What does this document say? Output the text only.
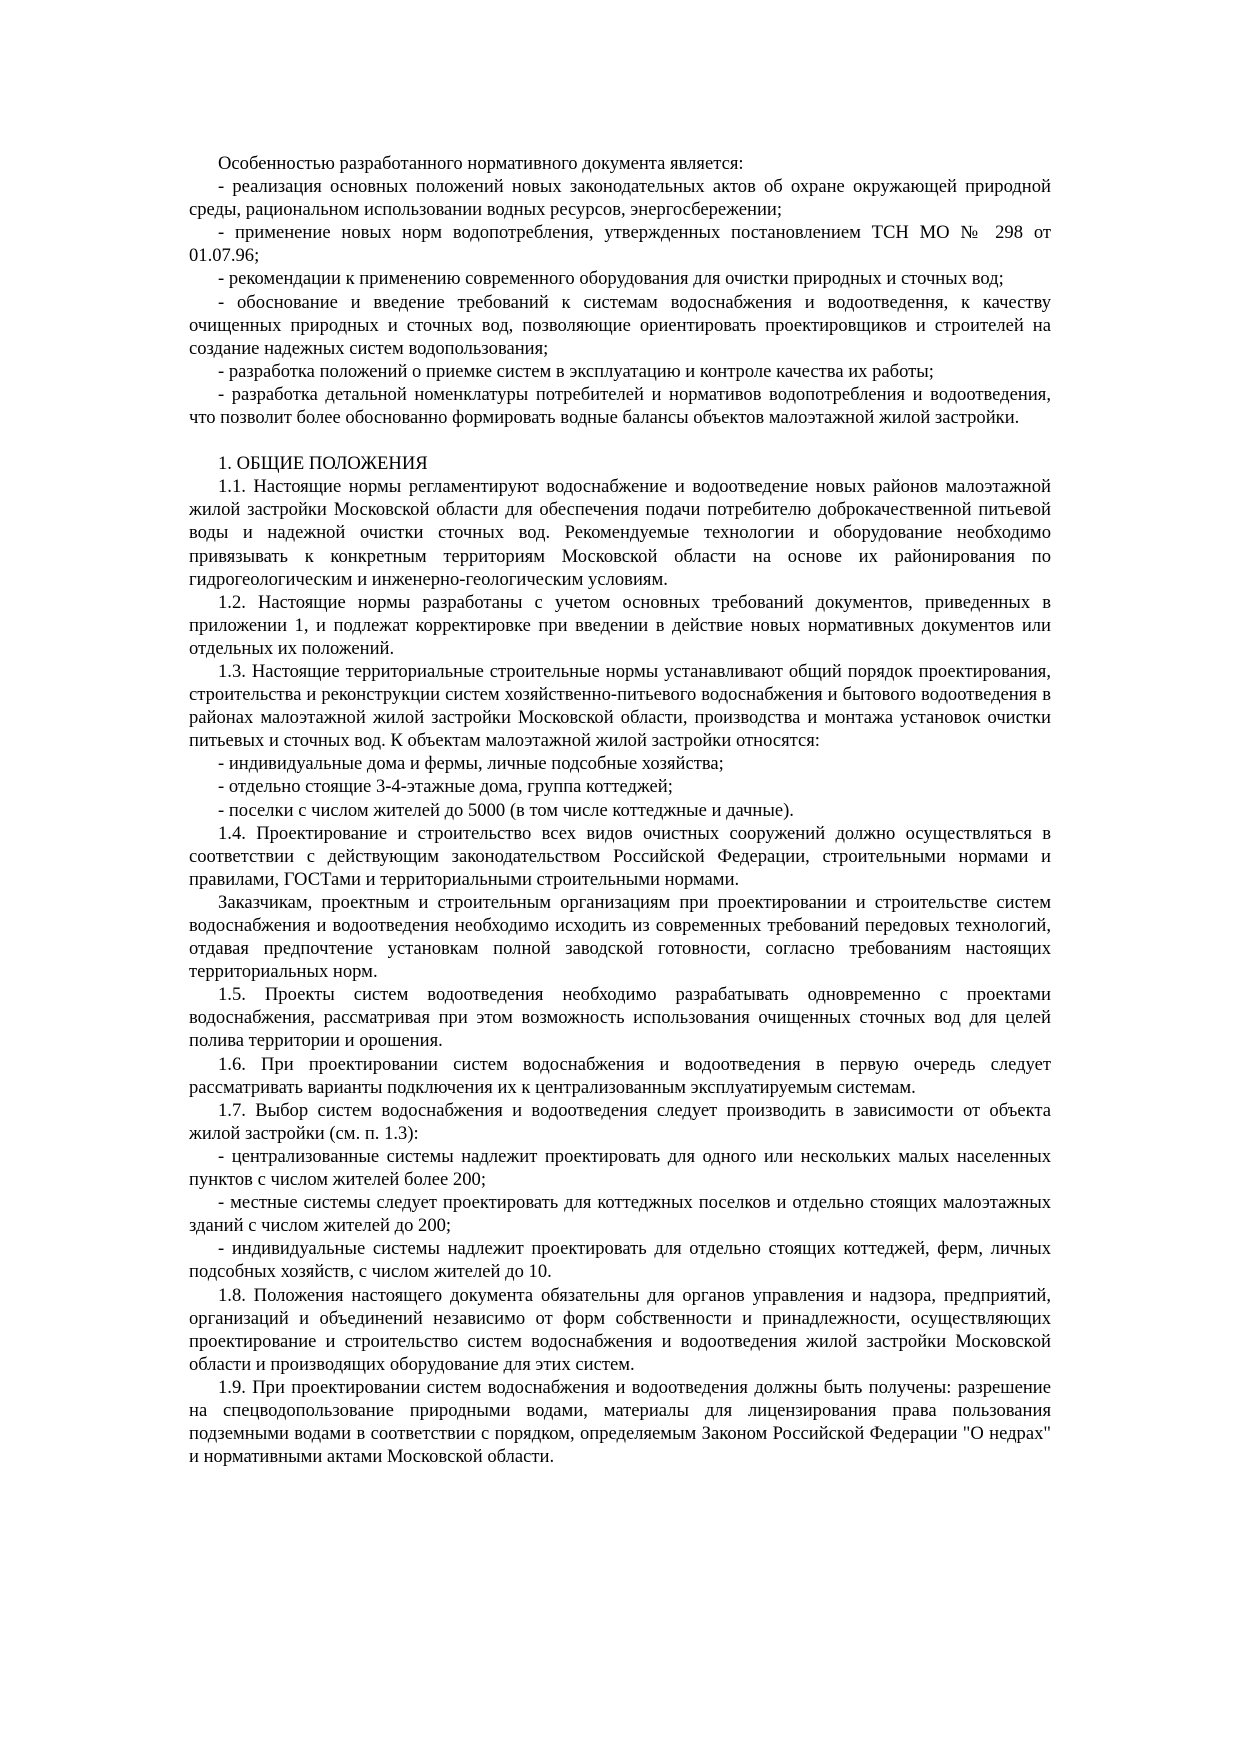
Особенностью разработанного нормативного документа является:

- реализация основных положений новых законодательных актов об охране окружающей природной среды, рациональном использовании водных ресурсов, энергосбережении;

- применение новых норм водопотребления, утвержденных постановлением ТСН МО № 298 от 01.07.96;

- рекомендации к применению современного оборудования для очистки природных и сточных вод;

- обоснование и введение требований к системам водоснабжения и водоотведення, к качеству очищенных природных и сточных вод, позволяющие ориентировать проектировщиков и строителей на создание надежных систем водопользования;

- разработка положений о приемке систем в эксплуатацию и контроле качества их работы;

- разработка детальной номенклатуры потребителей и нормативов водопотребления и водоотведения, что позволит более обоснованно формировать водные балансы объектов малоэтажной жилой застройки.

1. ОБЩИЕ ПОЛОЖЕНИЯ

1.1. Настоящие нормы регламентируют водоснабжение и водоотведение новых районов малоэтажной жилой застройки Московской области для обеспечения подачи потребителю доброкачественной питьевой воды и надежной очистки сточных вод. Рекомендуемые технологии и оборудование необходимо привязывать к конкретным территориям Московской области на основе их районирования по гидрогеологическим и инженерно-геологическим условиям.

1.2. Настоящие нормы разработаны с учетом основных требований документов, приведенных в приложении 1, и подлежат корректировке при введении в действие новых нормативных документов или отдельных их положений.

1.3. Настоящие территориальные строительные нормы устанавливают общий порядок проектирования, строительства и реконструкции систем хозяйственно-питьевого водоснабжения и бытового водоотведения в районах малоэтажной жилой застройки Московской области, производства и монтажа установок очистки питьевых и сточных вод. К объектам малоэтажной жилой застройки относятся:

- индивидуальные дома и фермы, личные подсобные хозяйства;

- отдельно стоящие 3-4-этажные дома, группа коттеджей;

- поселки с числом жителей до 5000 (в том числе коттеджные и дачные).

1.4. Проектирование и строительство всех видов очистных сооружений должно осуществляться в соответствии с действующим законодательством Российской Федерации, строительными нормами и правилами, ГОСТами и территориальными строительными нормами.

Заказчикам, проектным и строительным организациям при проектировании и строительстве систем водоснабжения и водоотведения необходимо исходить из современных требований передовых технологий, отдавая предпочтение установкам полной заводской готовности, согласно требованиям настоящих территориальных норм.

1.5. Проекты систем водоотведения необходимо разрабатывать одновременно с проектами водоснабжения, рассматривая при этом возможность использования очищенных сточных вод для целей полива территории и орошения.

1.6. При проектировании систем водоснабжения и водоотведения в первую очередь следует рассматривать варианты подключения их к централизованным эксплуатируемым системам.

1.7. Выбор систем водоснабжения и водоотведения следует производить в зависимости от объекта жилой застройки (см. п. 1.3):

- централизованные системы надлежит проектировать для одного или нескольких малых населенных пунктов с числом жителей более 200;

- местные системы следует проектировать для коттеджных поселков и отдельно стоящих малоэтажных зданий с числом жителей до 200;

- индивидуальные системы надлежит проектировать для отдельно стоящих коттеджей, ферм, личных подсобных хозяйств, с числом жителей до 10.

1.8. Положения настоящего документа обязательны для органов управления и надзора, предприятий, организаций и объединений независимо от форм собственности и принадлежности, осуществляющих проектирование и строительство систем водоснабжения и водоотведения жилой застройки Московской области и производящих оборудование для этих систем.

1.9. При проектировании систем водоснабжения и водоотведения должны быть получены: разрешение на спецводопользование природными водами, материалы для лицензирования права пользования подземными водами в соответствии с порядком, определяемым Законом Российской Федерации "О недрах" и нормативными актами Московской области.
